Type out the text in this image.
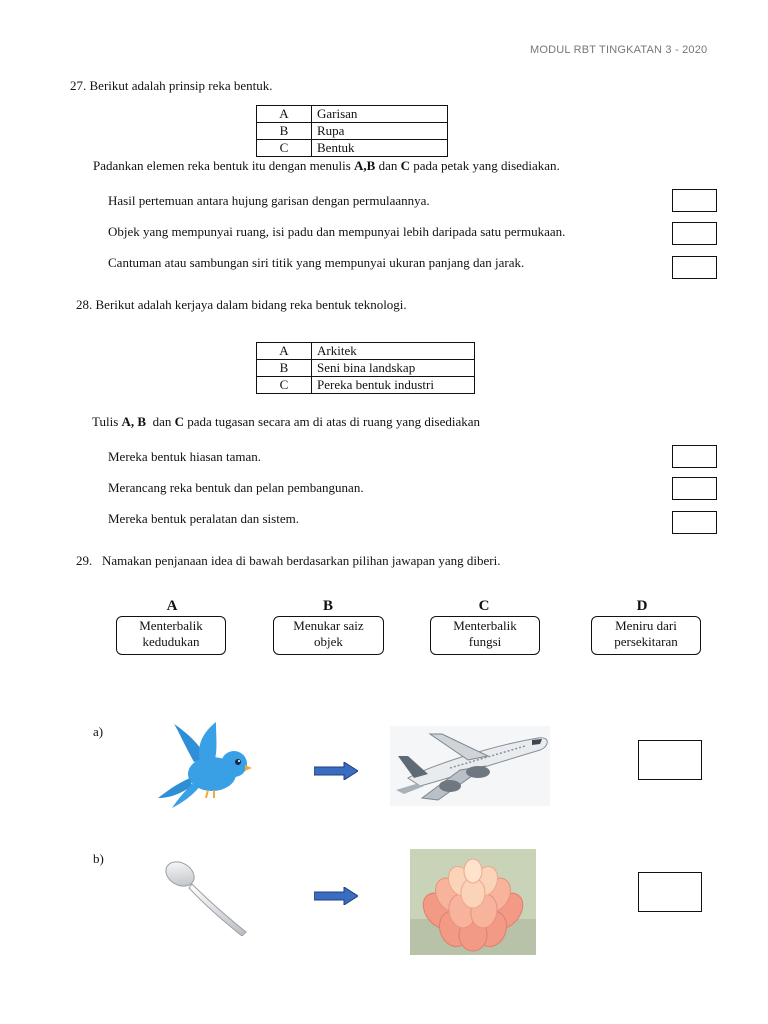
MODUL RBT TINGKATAN 3 - 2020
27. Berikut adalah prinsip reka bentuk.
A	Garisan
B	Rupa
C	Bentuk
Padankan elemen reka bentuk itu dengan menulis A,B dan C pada petak yang disediakan.
Hasil pertemuan antara hujung garisan dengan permulaannya.
Objek yang mempunyai ruang, isi padu dan mempunyai lebih daripada satu permukaan.
Cantuman atau sambungan siri titik yang mempunyai ukuran panjang dan jarak.
28. Berikut adalah kerjaya dalam bidang reka bentuk teknologi.
A	Arkitek
B	Seni bina landskap
C	Pereka bentuk industri
Tulis A, B  dan C pada tugasan secara am di atas di ruang yang disediakan
Mereka bentuk hiasan taman.
Merancang reka bentuk dan pelan pembangunan.
Mereka bentuk peralatan dan sistem.
29. Namakan penjanaan idea di bawah berdasarkan pilihan jawapan yang diberi.
A	B	C	D
Menterbalik
kedudukan
Menukar saiz
objek
Menterbalik
fungsi
Meniru dari
persekitaran
a)
b)
